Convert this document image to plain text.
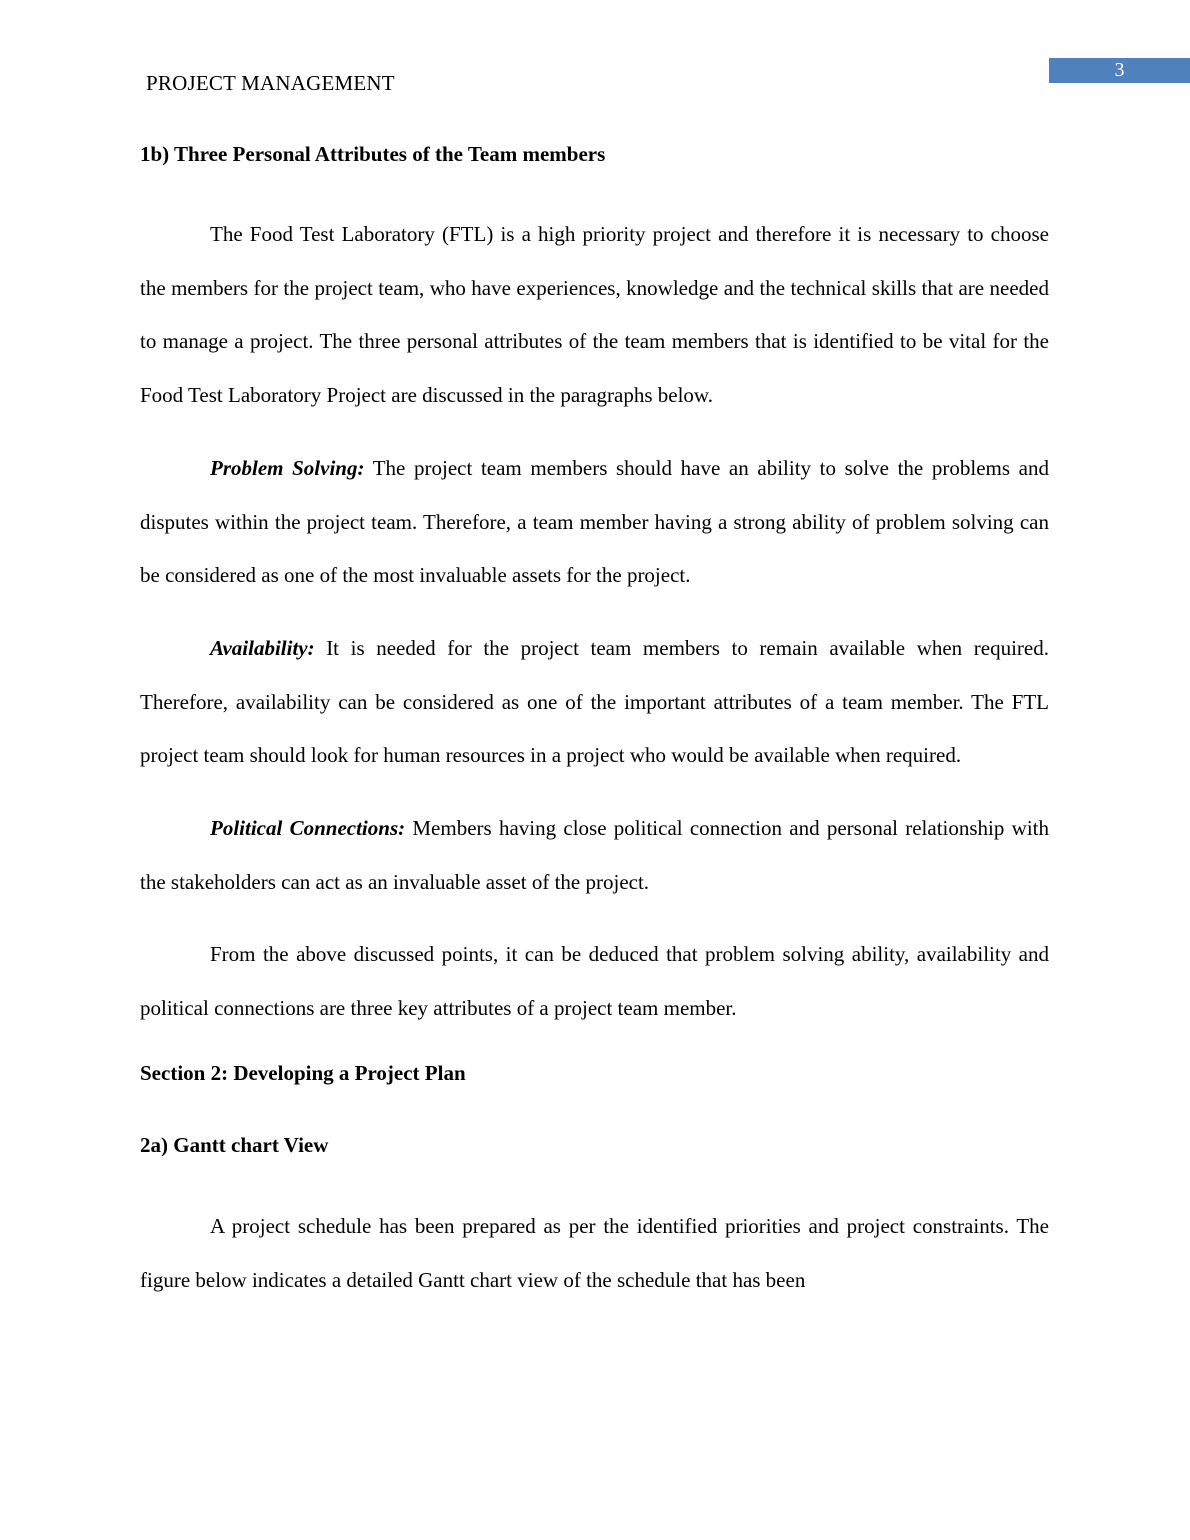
3
PROJECT MANAGEMENT

1b) Three Personal Attributes of the Team members

The Food Test Laboratory (FTL) is a high priority project and therefore it is necessary to choose the members for the project team, who have experiences, knowledge and the technical skills that are needed to manage a project. The three personal attributes of the team members that is identified to be vital for the Food Test Laboratory Project are discussed in the paragraphs below.

Problem Solving: The project team members should have an ability to solve the problems and disputes within the project team. Therefore, a team member having a strong ability of problem solving can be considered as one of the most invaluable assets for the project.

Availability: It is needed for the project team members to remain available when required. Therefore, availability can be considered as one of the important attributes of a team member. The FTL project team should look for human resources in a project who would be available when required.

Political Connections: Members having close political connection and personal relationship with the stakeholders can act as an invaluable asset of the project.

From the above discussed points, it can be deduced that problem solving ability, availability and political connections are three key attributes of a project team member.

Section 2: Developing a Project Plan

2a) Gantt chart View

A project schedule has been prepared as per the identified priorities and project constraints. The figure below indicates a detailed Gantt chart view of the schedule that has been
